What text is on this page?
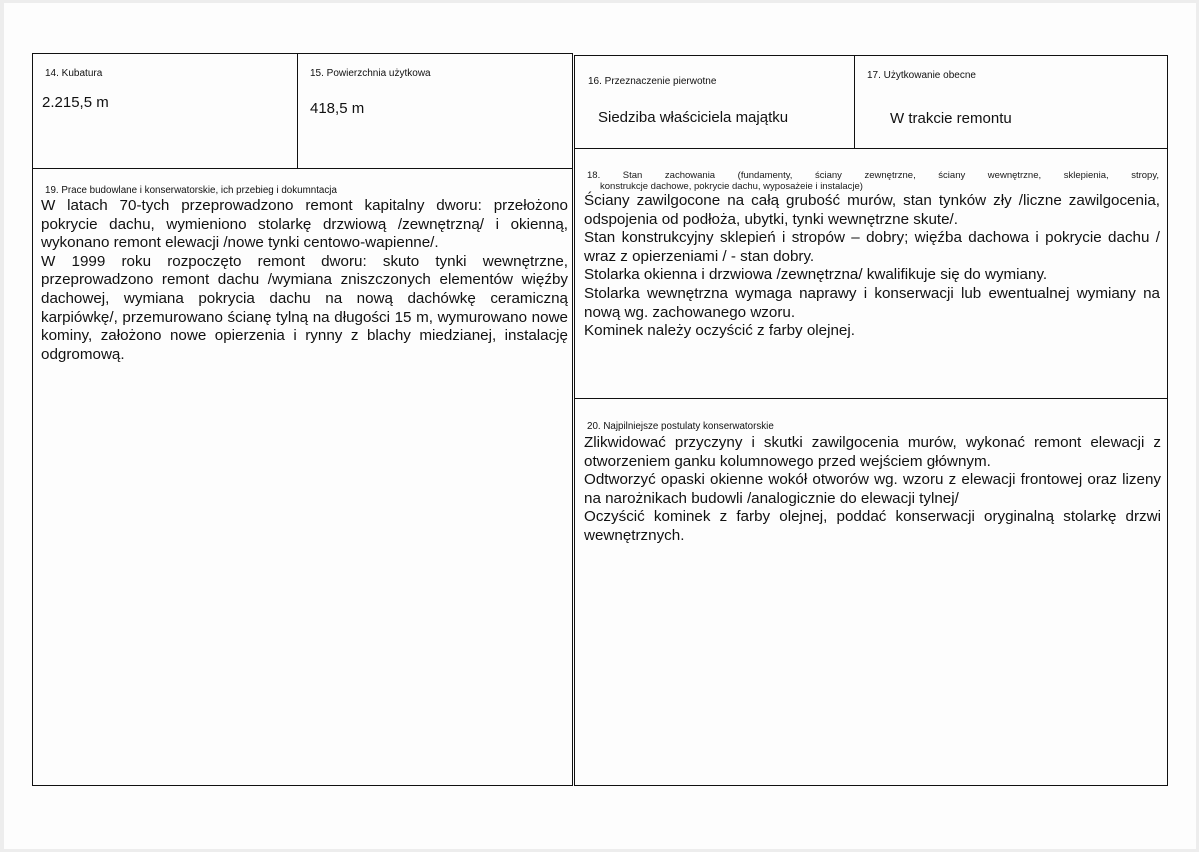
14. Kubatura
2.215,5 m
15. Powierzchnia użytkowa
418,5 m
19. Prace budowlane i konserwatorskie, ich przebieg i dokumntacja

W latach 70-tych przeprowadzono remont kapitalny dworu: przełożono pokrycie dachu, wymieniono stolarkę drzwiową /zewnętrzną/ i okienną, wykonano remont elewacji /nowe tynki centowo-wapienne/.

W 1999 roku rozpoczęto remont dworu: skuto tynki wewnętrzne, przeprowadzono remont dachu /wymiana zniszczonych elementów więźby dachowej, wymiana pokrycia dachu na nową dachówkę ceramiczną karpiówkę/, przemurowano ścianę tylną na długości 15 m, wymurowano nowe kominy, założono nowe opierzenia i rynny z blachy miedzianej, instalację odgromową.

16. Przeznaczenie pierwotne
Siedziba właściciela majątku
17. Użytkowanie obecne
W trakcie remontu
18. Stan zachowania (fundamenty, ściany zewnętrzne, ściany wewnętrzne, sklepienia, stropy,
konstrukcje dachowe, pokrycie dachu, wyposażeie i instalacje)

Ściany zawilgocone na całą grubość murów, stan tynków zły /liczne zawilgocenia, odspojenia od podłoża, ubytki, tynki wewnętrzne skute/.

Stan konstrukcyjny sklepień i stropów – dobry; więźba dachowa i pokrycie dachu / wraz z opierzeniami / - stan dobry.

Stolarka okienna i drzwiowa /zewnętrzna/ kwalifikuje się do wymiany.

Stolarka wewnętrzna wymaga naprawy i konserwacji lub ewentualnej wymiany na nową wg. zachowanego wzoru.

Kominek należy oczyścić z farby olejnej.

20. Najpilniejsze postulaty konserwatorskie

Zlikwidować przyczyny i skutki zawilgocenia murów, wykonać remont elewacji z otworzeniem ganku kolumnowego przed wejściem głównym.

Odtworzyć opaski okienne wokół otworów wg. wzoru z elewacji frontowej oraz lizeny na narożnikach budowli /analogicznie do elewacji tylnej/

Oczyścić kominek z farby olejnej, poddać konserwacji oryginalną stolarkę drzwi wewnętrznych.
